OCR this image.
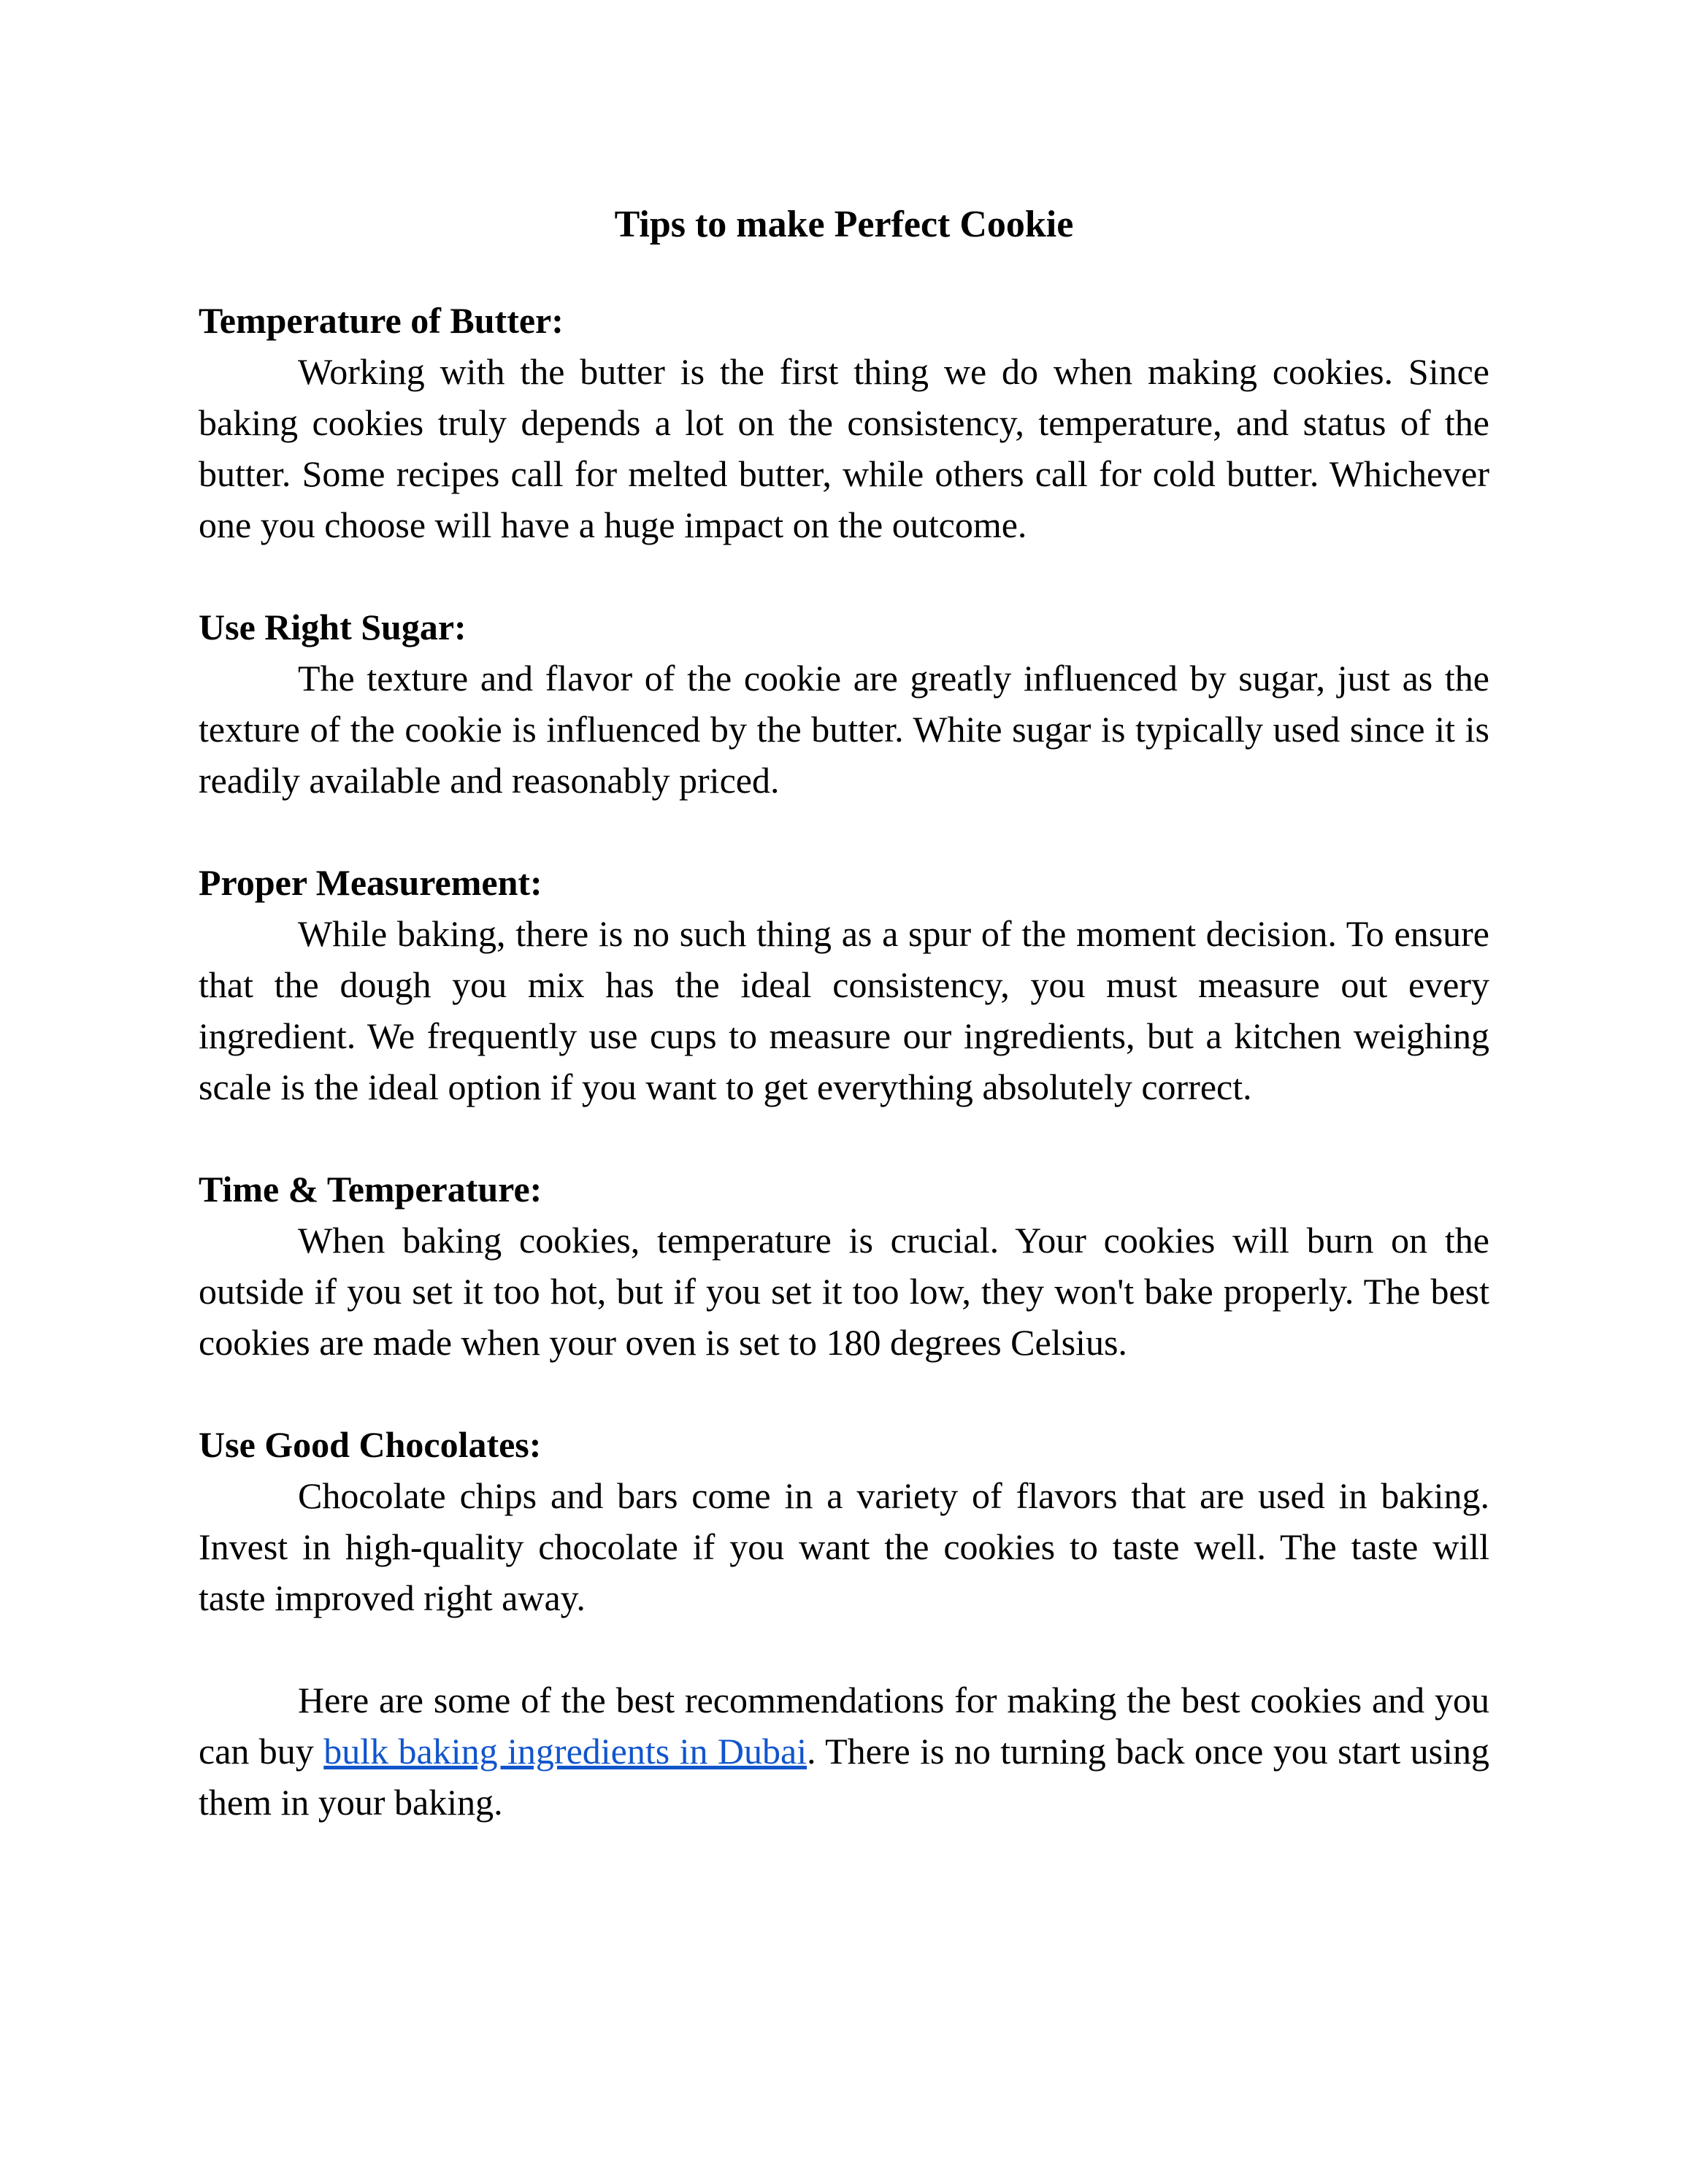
Tips to make Perfect Cookie

Temperature of Butter:

Working with the butter is the first thing we do when making cookies. Since baking cookies truly depends a lot on the consistency, temperature, and status of the butter. Some recipes call for melted butter, while others call for cold butter. Whichever one you choose will have a huge impact on the outcome.

Use Right Sugar:

The texture and flavor of the cookie are greatly influenced by sugar, just as the texture of the cookie is influenced by the butter. White sugar is typically used since it is readily available and reasonably priced.

Proper Measurement:

While baking, there is no such thing as a spur of the moment decision. To ensure that the dough you mix has the ideal consistency, you must measure out every ingredient. We frequently use cups to measure our ingredients, but a kitchen weighing scale is the ideal option if you want to get everything absolutely correct.

Time & Temperature:

When baking cookies, temperature is crucial. Your cookies will burn on the outside if you set it too hot, but if you set it too low, they won't bake properly. The best cookies are made when your oven is set to 180 degrees Celsius.

Use Good Chocolates:

Chocolate chips and bars come in a variety of flavors that are used in baking. Invest in high-quality chocolate if you want the cookies to taste well. The taste will taste improved right away.

Here are some of the best recommendations for making the best cookies and you can buy bulk baking ingredients in Dubai. There is no turning back once you start using them in your baking.
